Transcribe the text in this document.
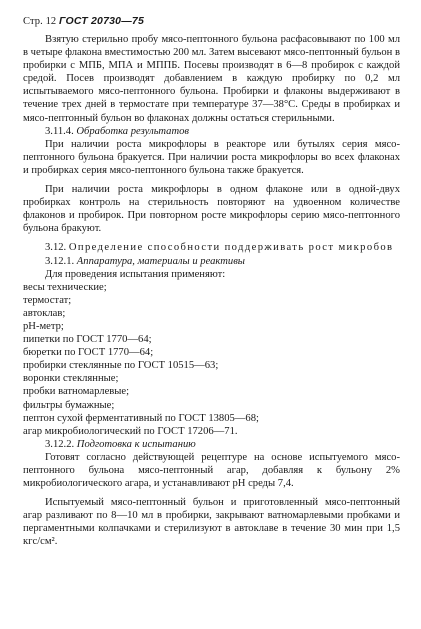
Стр. 12 ГОСТ 20730—75

Взятую стерильно пробу мясо-пептонного бульона расфасовывают по 100 мл в четыре флакона вместимостью 200 мл. Затем высевают мясо-пептонный бульон в пробирки с МПБ, МПА и МППБ. Посевы производят в 6—8 пробирок с каждой средой. Посев производят добавлением в каждую пробирку по 0,2 мл испытываемого мясо-пептонного бульона. Пробирки и флаконы выдерживают в течение трех дней в термостате при температуре 37—38°С. Среды в пробирках и мясо-пептонный бульон во флаконах должны остаться стерильными.

3.11.4. Обработка результатов

При наличии роста микрофлоры в реакторе или бутылях серия мясо-пептонного бульона бракуется. При наличии роста микрофлоры во всех флаконах и пробирках серия мясо-пептонного бульона также бракуется.

При наличии роста микрофлоры в одном флаконе или в одной-двух пробирках контроль на стерильность повторяют на удвоенном количестве флаконов и пробирок. При повторном росте микрофлоры серию мясо-пептонного бульона бракуют.

3.12. Определение способности поддерживать рост микробов

3.12.1. Аппаратура, материалы и реактивы

Для проведения испытания применяют:

весы технические;
термостат;
автоклав;
рН-метр;
пипетки по ГОСТ 1770—64;
бюретки по ГОСТ 1770—64;
пробирки стеклянные по ГОСТ 10515—63;
воронки стеклянные;
пробки ватномарлевые;
фильтры бумажные;
пептон сухой ферментативный по ГОСТ 13805—68;
агар микробиологический по ГОСТ 17206—71.

3.12.2. Подготовка к испытанию

Готовят согласно действующей рецептуре на основе испытуемого мясо-пептонного бульона мясо-пептонный агар, добавляя к бульону 2% микробиологического агара, и устанавливают рН среды 7,4.

Испытуемый мясо-пептонный бульон и приготовленный мясо-пептонный агар разливают по 8—10 мл в пробирки, закрывают ватномарлевыми пробками и пергаментными колпачками и стерилизуют в автоклаве в течение 30 мин при 1,5 кгс/см².
